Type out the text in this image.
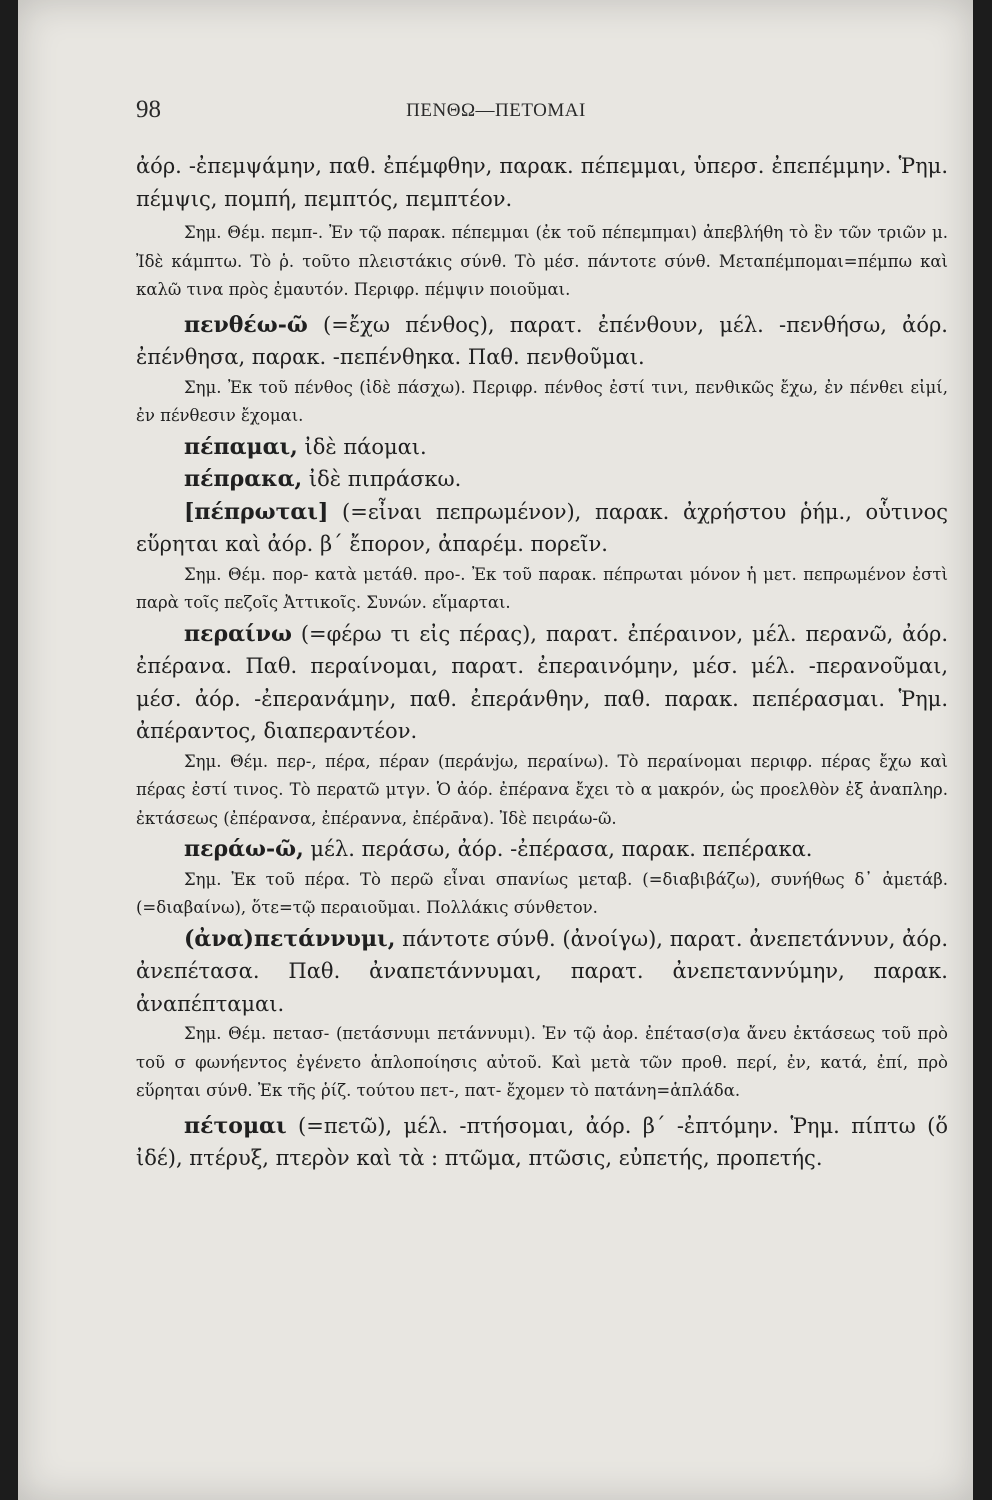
98	ΠΕΝΘΩ—ΠΕΤΟΜΑΙ

ἀόρ. -ἐπεμψάμην, παθ. ἐπέμφθην, παρακ. πέπεμμαι, ὑπερσ. ἐπεπέμμην. Ῥημ. πέμψις, πομπή, πεμπτός, πεμπτέον.

Σημ. Θέμ. πεμπ-. Ἐν τῷ παρακ. πέπεμμαι (ἐκ τοῦ πέπεμπμαι) ἀπεβλήθη τὸ ἓν τῶν τριῶν μ. Ἰδὲ κάμπτω. Τὸ ῥ. τοῦτο πλειστάκις σύνθ. Τὸ μέσ. πάντοτε σύνθ. Μεταπέμπομαι=πέμπω καὶ καλῶ τινα πρὸς ἐμαυτόν. Περιφρ. πέμψιν ποιοῦμαι.

πενθέω-ῶ (=ἔχω πένθος), παρατ. ἐπένθουν, μέλ. -πενθήσω, ἀόρ. ἐπένθησα, παρακ. -πεπένθηκα. Παθ. πενθοῦμαι.

Σημ. Ἐκ τοῦ πένθος (ἰδὲ πάσχω). Περιφρ. πένθος ἐστί τινι, πενθικῶς ἔχω, ἐν πένθει εἰμί, ἐν πένθεσιν ἔχομαι.

πέπαμαι, ἰδὲ πάομαι.

πέπρακα, ἰδὲ πιπράσκω.

[πέπρωται] (=εἶναι πεπρωμένον), παρακ. ἀχρήστου ῥήμ., οὗτινος εὕρηται καὶ ἀόρ. β΄ ἔπορον, ἀπαρέμ. πορεῖν.

Σημ. Θέμ. πορ- κατὰ μετάθ. προ-. Ἐκ τοῦ παρακ. πέπρωται μόνον ἡ μετ. πεπρωμένον ἐστὶ παρὰ τοῖς πεζοῖς Ἀττικοῖς. Συνών. εἵμαρται.

περαίνω (=φέρω τι εἰς πέρας), παρατ. ἐπέραινον, μέλ. περανῶ, ἀόρ. ἐπέρανα. Παθ. περαίνομαι, παρατ. ἐπεραινόμην, μέσ. μέλ. -περανοῦμαι, μέσ. ἀόρ. -ἐπερανάμην, παθ. ἐπεράνθην, παθ. παρακ. πεπέρασμαι. Ῥημ. ἀπέραντος, διαπεραντέον.

Σημ. Θέμ. περ-, πέρα, πέραν (περάνjω, περαίνω). Τὸ περαίνομαι περιφρ. πέρας ἔχω καὶ πέρας ἐστί τινος. Τὸ περατῶ μτγν. Ὁ ἀόρ. ἐπέρανα ἔχει τὸ α μακρόν, ὡς προελθὸν ἐξ ἀναπληρ. ἐκτάσεως (ἐπέρανσα, ἐπέραννα, ἐπέρᾱνα). Ἰδὲ πειράω-ῶ.

περάω-ῶ, μέλ. περάσω, ἀόρ. -ἐπέρασα, παρακ. πεπέρακα.

Σημ. Ἐκ τοῦ πέρα. Τὸ περῶ εἶναι σπανίως μεταβ. (=διαβιβάζω), συνήθως δ᾿ ἀμετάβ. (=διαβαίνω), ὅτε=τῷ περαιοῦμαι. Πολλάκις σύνθετον.

(ἀνα)πετάννυμι, πάντοτε σύνθ. (ἀνοίγω), παρατ. ἀνεπετάννυν, ἀόρ. ἀνεπέτασα. Παθ. ἀναπετάννυμαι, παρατ. ἀνεπεταννύμην, παρακ. ἀναπέπταμαι.

Σημ. Θέμ. πετασ- (πετάσνυμι πετάννυμι). Ἐν τῷ ἀορ. ἐπέτασ(σ)α ἄνευ ἐκτάσεως τοῦ πρὸ τοῦ σ φωνήεντος ἐγένετο ἁπλοποίησις αὐτοῦ. Καὶ μετὰ τῶν προθ. περί, ἐν, κατά, ἐπί, πρὸ εὕρηται σύνθ. Ἐκ τῆς ῥίζ. τούτου πετ-, πατ- ἔχομεν τὸ πατάνη=ἁπλάδα.

πέτομαι (=πετῶ), μέλ. -πτήσομαι, ἀόρ. β΄ -ἐπτόμην. Ῥημ. πίπτω (ὅ ἰδέ), πτέρυξ, πτερὸν καὶ τὰ : πτῶμα, πτῶσις, εὐπετής, προπετής.
